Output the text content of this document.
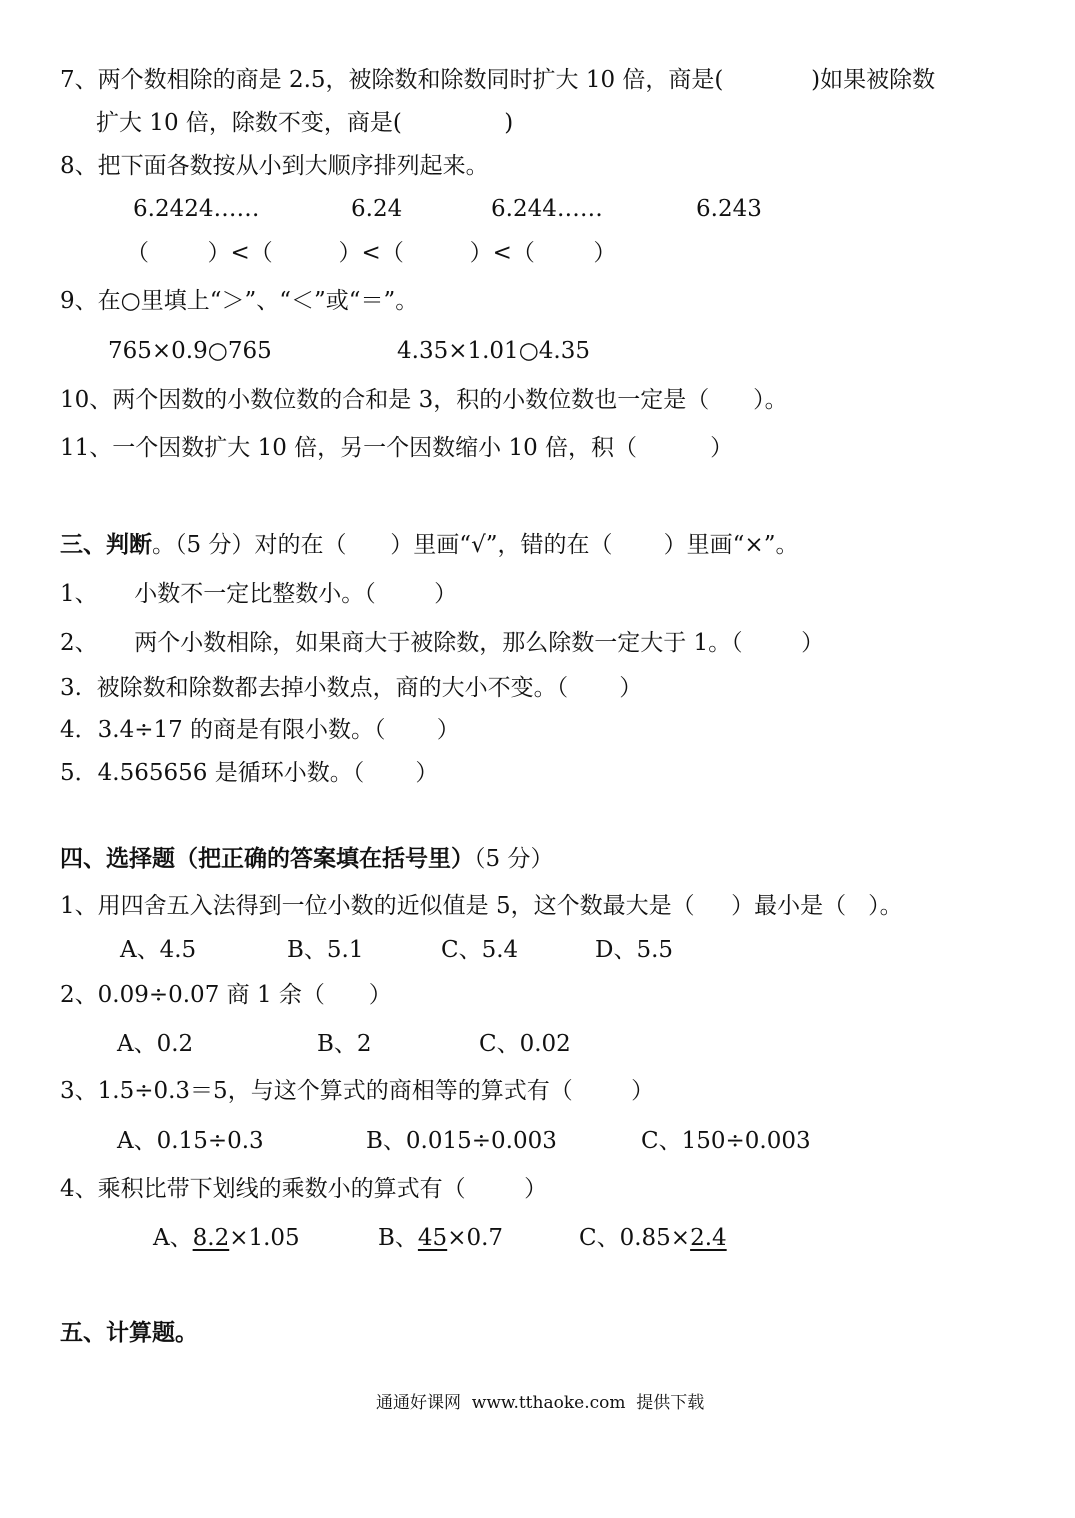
7、两个数相除的商是 2.5，被除数和除数同时扩大 10 倍，商是(            )如果被除数
扩大 10 倍，除数不变，商是(              )
8、把下面各数按从小到大顺序排列起来。
6.2424……	6.24	6.244……	6.243
（        ）<（         ）<（         ）<（        ）
9、在○里填上“＞”、“＜”或“＝”。
765×0.9○765	4.35×1.01○4.35
10、两个因数的小数位数的合和是 3，积的小数位数也一定是（      ）。
11、一个因数扩大 10 倍，另一个因数缩小 10 倍，积（          ）
三、判断。（5 分）对的在（      ）里画“√”，错的在（       ）里画“×”。
1、     小数不一定比整数小。（        ）
2、     两个小数相除，如果商大于被除数，那么除数一定大于 1。（        ）
3.  被除数和除数都去掉小数点，商的大小不变。（       ）
4．3.4÷17 的商是有限小数。（       ）
5．4.565656 是循环小数。（       ）
四、选择题（把正确的答案填在括号里）（5 分）
1、用四舍五入法得到一位小数的近似值是 5，这个数最大是（     ）最小是（   ）。
A、4.5	B、5.1	C、5.4	D、5.5
2、0.09÷0.07 商 1 余（      ）
A、0.2	B、2	C、0.02
3、1.5÷0.3＝5，与这个算式的商相等的算式有（        ）
A、0.15÷0.3	B、0.015÷0.003	C、150÷0.003
4、乘积比带下划线的乘数小的算式有（        ）
A、8.2×1.05	B、45×0.7	C、0.85×2.4
五、计算题。
通通好课网  www.tthaoke.com  提供下载
